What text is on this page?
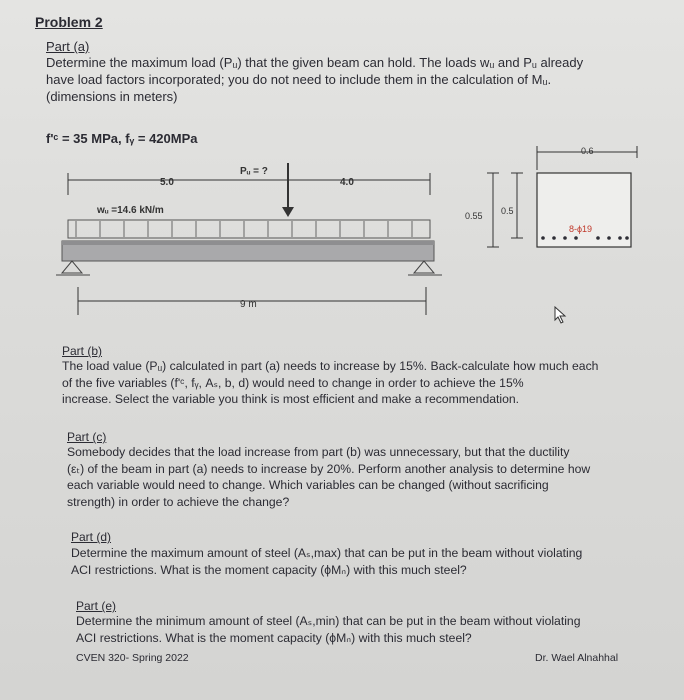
Problem 2
Part (a)
Determine the maximum load (Pᵤ) that the given beam can hold. The loads wᵤ and Pᵤ already
have load factors incorporated; you do not need to include them in the calculation of Mᵤ.
(dimensions in meters)
f'ᶜ = 35 MPa, fᵧ = 420MPa
5.0	4.0
Pᵤ = ?
wᵤ =14.6 kN/m
9 m
0.6
0.55 0.5
8-ϕ19
Part (b)
The load value (Pᵤ) calculated in part (a) needs to increase by 15%. Back-calculate how much each
of the five variables (f'ᶜ, fᵧ, Aₛ, b, d) would need to change in order to achieve the 15%
increase. Select the variable you think is most efficient and make a recommendation.
Part (c)
Somebody decides that the load increase from part (b) was unnecessary, but that the ductility
(εₜ) of the beam in part (a) needs to increase by 20%. Perform another analysis to determine how
each variable would need to change. Which variables can be changed (without sacrificing
strength) in order to achieve the change?
Part (d)
Determine the maximum amount of steel (Aₛ,max) that can be put in the beam without violating
ACI restrictions. What is the moment capacity (ϕMₙ) with this much steel?
Part (e)
Determine the minimum amount of steel (Aₛ,min) that can be put in the beam without violating
ACI restrictions. What is the moment capacity (ϕMₙ) with this much steel?
CVEN 320- Spring 2022	Dr. Wael Alnahhal
